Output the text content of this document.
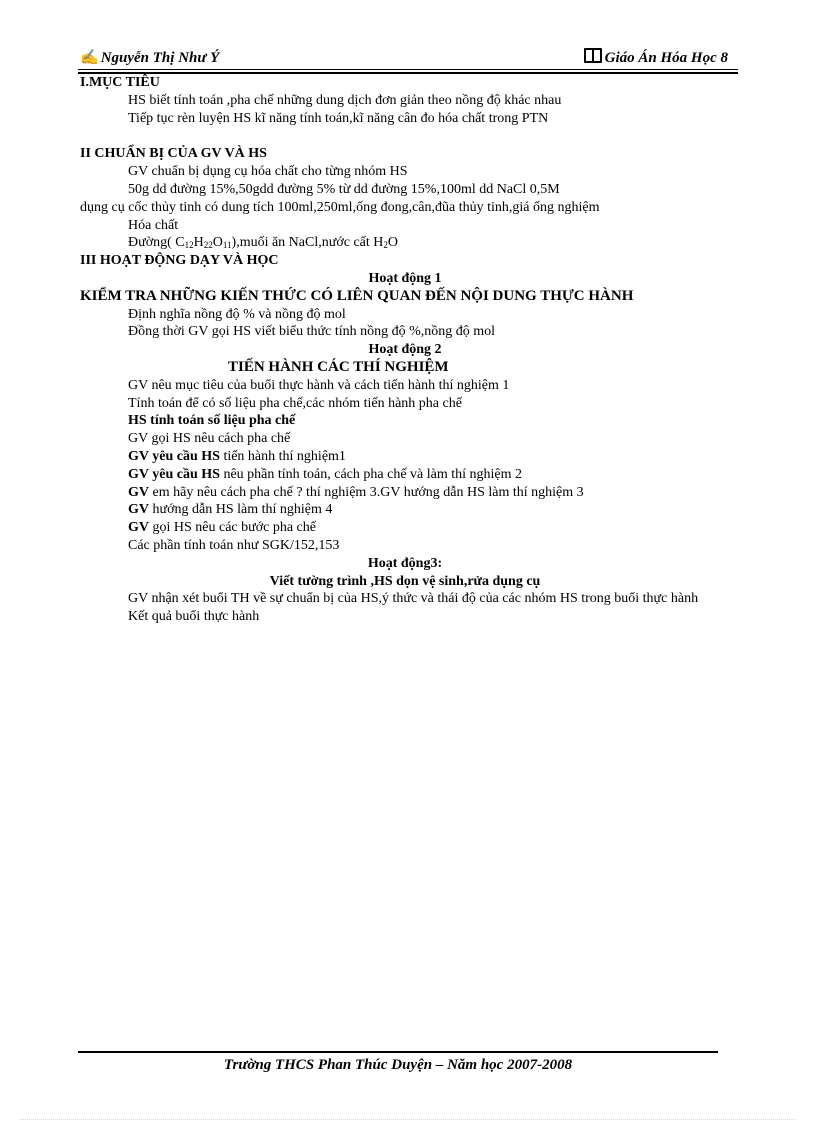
✍ Nguyễn Thị Như Ý	Giáo Án Hóa Học 8
I.MỤC TIÊU
HS biết tính toán ,pha chế những dung dịch đơn giản theo nồng độ khác nhau
Tiếp tục rèn luyện HS kĩ năng tính toán,kĩ năng cân đo hóa chất trong PTN
II CHUẨN BỊ CỦA GV VÀ HS
GV chuẩn bị dụng cụ hóa chất cho từng nhóm HS
50g dd đường 15%,50gdd đường 5% từ dd đường 15%,100ml dd NaCl 0,5M
dụng cụ cốc thủy tinh có dung tích 100ml,250ml,ống đong,cân,đũa thủy tinh,giá ống nghiệm
Hóa chất
Đường( $C_{12}H_{22}O_{11}),muối$ ăn NaCl,nước cất $H_2O$
III HOẠT ĐỘNG DẠY VÀ HỌC
Hoạt động 1
KIỂM TRA NHỮNG KIẾN THỨC CÓ LIÊN QUAN ĐẾN NỘI DUNG THỰC HÀNH
Định nghĩa nồng độ % và nồng độ mol
Đồng thời GV gọi HS viết biểu thức tính nồng độ %,nồng độ mol
Hoạt động 2
TIẾN HÀNH CÁC THÍ NGHIỆM
GV nêu mục tiêu của buổi thực hành và cách tiến hành thí nghiệm 1
Tính toán để có số liệu pha chế,các nhóm tiến hành pha chế
HS tính toán số liệu pha chế
GV gọi HS nêu cách pha chế
GV yêu cầu HS tiến hành thí nghiệm1
GV yêu cầu HS nêu phần tính toán, cách pha chế và làm thí nghiệm 2
GV em hãy nêu cách pha chế ? thí nghiệm 3.GV hướng dẫn HS làm thí nghiệm 3
GV hướng dẫn HS làm thí nghiệm 4
GV gọi HS nêu các bước pha chế
Các phần tính toán như SGK/152,153
Hoạt động3:
Viết tường trình ,HS dọn vệ sinh,rửa dụng cụ
GV nhận xét buổi TH về sự chuẩn bị của HS,ý thức và thái độ của các nhóm HS trong buổi thực hành
Kết quả buổi thực hành
Trường THCS Phan Thúc Duyện – Năm học 2007-2008
